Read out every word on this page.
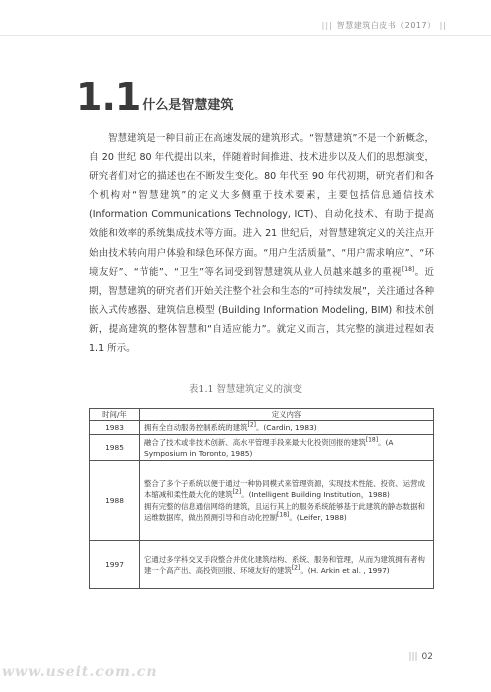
||| 智慧建筑白皮书（2017） ||
1.1 什么是智慧建筑

智慧建筑是一种目前正在高速发展的建筑形式。“智慧建筑”不是一个新概念，自 20 世纪 80 年代提出以来，伴随着时间推进、技术进步以及人们的思想演变，研究者们对它的描述也在不断发生变化。80 年代至 90 年代初期，研究者们和各个机构对“智慧建筑”的定义大多侧重于技术要素，主要包括信息通信技术 (Information Communications Technology, ICT)、自动化技术、有助于提高效能和效率的系统集成技术等方面。进入 21 世纪后，对智慧建筑定义的关注点开始由技术转向用户体验和绿色环保方面。“用户生活质量”、“用户需求响应”、“环境友好”、“节能”、“卫生”等名词受到智慧建筑从业人员越来越多的重视[18]。近期，智慧建筑的研究者们开始关注整个社会和生态的“可持续发展”，关注通过各种嵌入式传感器、建筑信息模型 (Building Information Modeling, BIM) 和技术创新，提高建筑的整体智慧和“自适应能力”。就定义而言，其完整的演进过程如表 1.1 所示。

表1.1 智慧建筑定义的演变
时间/年	定义内容
1983	拥有全自动服务控制系统的建筑[2]。(Cardin, 1983)

1985	融合了技术或非技术创新、高水平管理手段来最大化投资回报的建筑[18]。(A Symposium in Toronto, 1985)

1988	整合了多个子系统以便于通过一种协同模式来管理资源，实现技术性能、投资、运营成本缩减和柔性最大化的建筑[2]。(Intelligent Building Institution，1988)
拥有完整的信息通信网络的建筑，且运行其上的服务系统能够基于此建筑的静态数据和运维数据库，做出预测引导和自动化控制[18]。(Leifer, 1988)

1997	它通过多学科交叉手段整合并优化建筑结构、系统、服务和管理，从而为建筑拥有者构建一个高产出、高投资回报、环境友好的建筑[2]。(H. Arkin et al. , 1997)
||| 02
www.useit.com.cn
